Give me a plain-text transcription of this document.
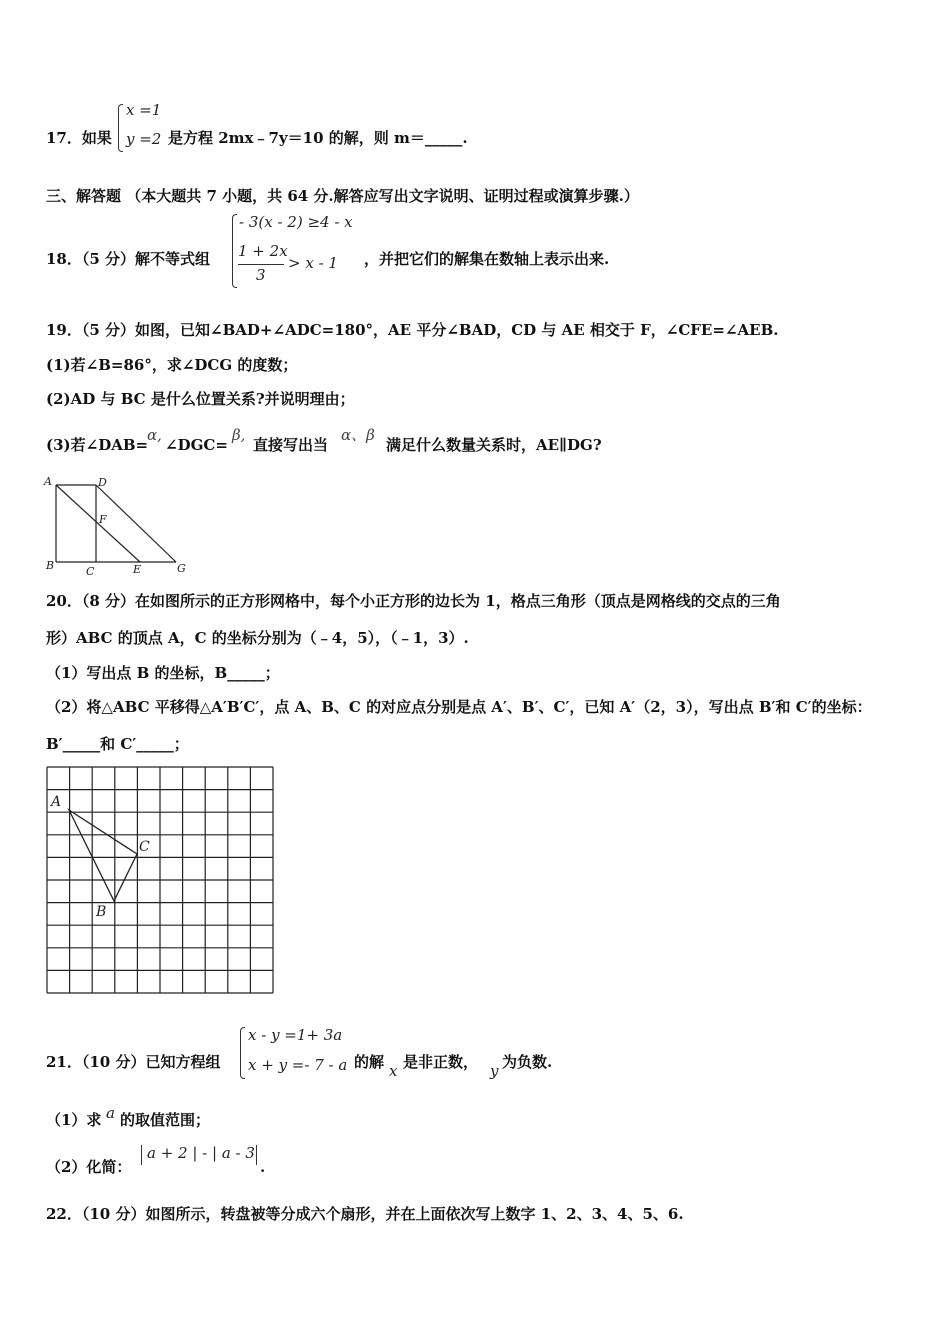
17．如果
x =1
y =2 是方程 2mx﹣7y＝10 的解，则 m＝_____.
三、解答题 （本大题共 7 小题，共 64 分.解答应写出文字说明、证明过程或演算步骤.）
18．（5 分）解不等式组
- 3(x - 2) ≥4 - x
1 + 2x
3
> x - 1 ，并把它们的解集在数轴上表示出来.
19．（5 分）如图，已知∠BAD+∠ADC=180°，AE 平分∠BAD，CD 与 AE 相交于 F，∠CFE=∠AEB.
(1)若∠B=86°，求∠DCG 的度数；
(2)AD 与 BC 是什么位置关系?并说明理由；
(3)若∠DAB=
α,
∠DGC=
β,
直接写出当
α、β
满足什么数量关系时，AE∥DG?
A	D
F
B	C	E	G
20．（8 分）在如图所示的正方形网格中，每个小正方形的边长为 1，格点三角形（顶点是网格线的交点的三角
形）ABC 的顶点 A，C 的坐标分别为（﹣4，5），（﹣1，3）.
（1）写出点 B 的坐标，B_____；
（2）将△ABC 平移得△A′B′C′，点 A、B、C 的对应点分别是点 A′、B′、C′，已知 A′（2，3），写出点 B′和 C′的坐标：
B′_____和 C′_____；
A
C
B
21．（10 分）已知方程组
x - y =1+ 3a
x + y =- 7 - a 的解 x 是非正数， y 为负数.
（1）求 a 的取值范围；
（2）化简：
a + 2 | - | a - 3
.
22．（10 分）如图所示，转盘被等分成六个扇形，并在上面依次写上数字 1、2、3、4、5、6.
